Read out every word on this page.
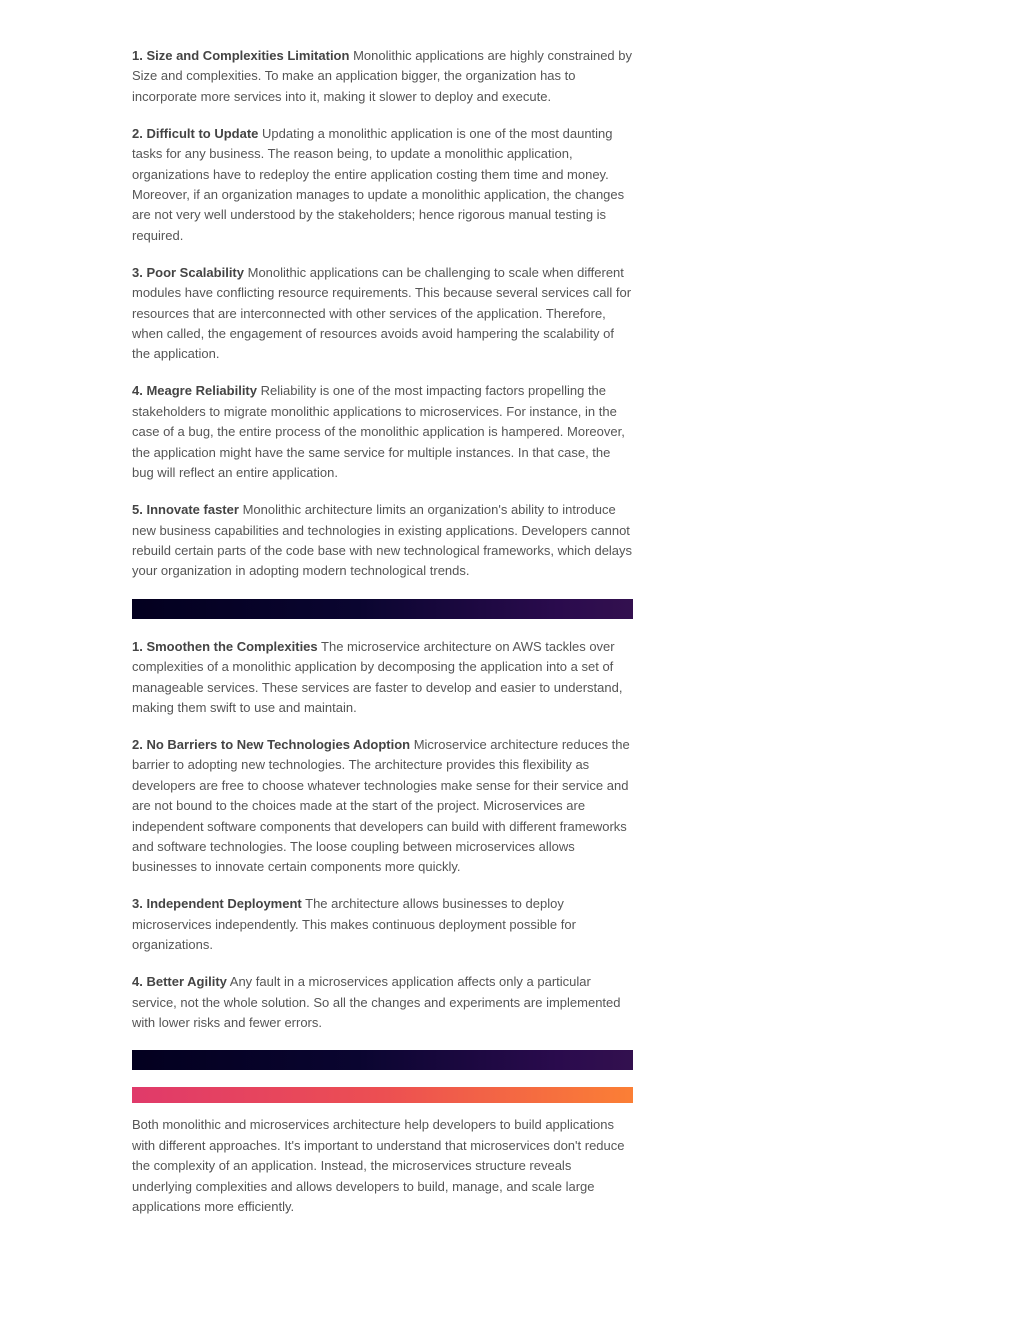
1. Size and Complexities Limitation Monolithic applications are highly constrained by Size and complexities. To make an application bigger, the organization has to incorporate more services into it, making it slower to deploy and execute.

2. Difficult to Update Updating a monolithic application is one of the most daunting tasks for any business. The reason being, to update a monolithic application, organizations have to redeploy the entire application costing them time and money. Moreover, if an organization manages to update a monolithic application, the changes are not very well understood by the stakeholders; hence rigorous manual testing is required.

3. Poor Scalability Monolithic applications can be challenging to scale when different modules have conflicting resource requirements. This because several services call for resources that are interconnected with other services of the application. Therefore, when called, the engagement of resources avoids avoid hampering the scalability of the application.

4. Meagre Reliability Reliability is one of the most impacting factors propelling the stakeholders to migrate monolithic applications to microservices. For instance, in the case of a bug, the entire process of the monolithic application is hampered. Moreover, the application might have the same service for multiple instances. In that case, the bug will reflect an entire application.

5. Innovate faster Monolithic architecture limits an organization's ability to introduce new business capabilities and technologies in existing applications. Developers cannot rebuild certain parts of the code base with new technological frameworks, which delays your organization in adopting modern technological trends.

1. Smoothen the Complexities The microservice architecture on AWS tackles over complexities of a monolithic application by decomposing the application into a set of manageable services. These services are faster to develop and easier to understand, making them swift to use and maintain.

2. No Barriers to New Technologies Adoption Microservice architecture reduces the barrier to adopting new technologies. The architecture provides this flexibility as developers are free to choose whatever technologies make sense for their service and are not bound to the choices made at the start of the project. Microservices are independent software components that developers can build with different frameworks and software technologies. The loose coupling between microservices allows businesses to innovate certain components more quickly.

3. Independent Deployment The architecture allows businesses to deploy microservices independently. This makes continuous deployment possible for organizations.

4. Better Agility Any fault in a microservices application affects only a particular service, not the whole solution. So all the changes and experiments are implemented with lower risks and fewer errors.

Both monolithic and microservices architecture help developers to build applications with different approaches. It's important to understand that microservices don't reduce the complexity of an application. Instead, the microservices structure reveals underlying complexities and allows developers to build, manage, and scale large applications more efficiently.
